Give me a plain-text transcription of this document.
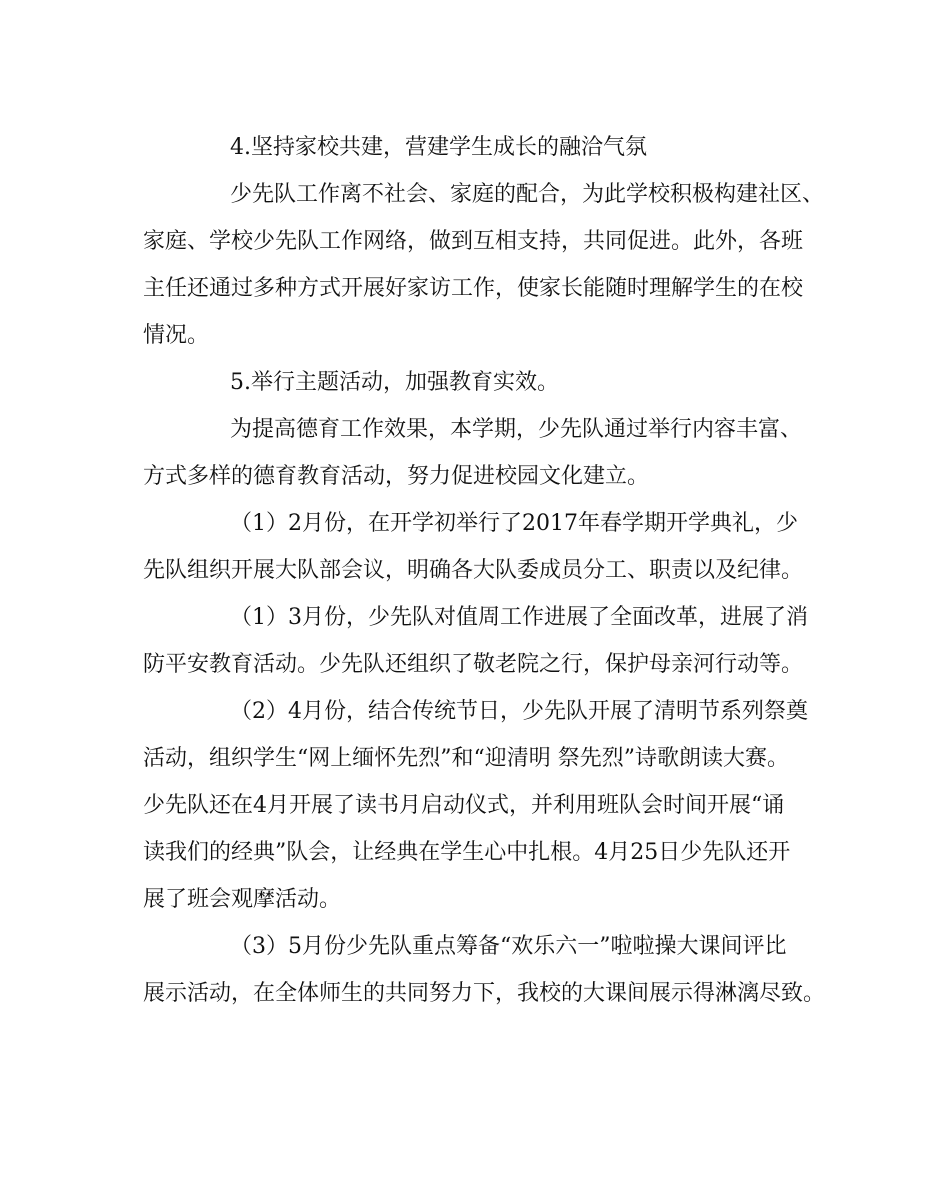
4.坚持家校共建，营建学生成长的融洽气氛
少先队工作离不社会、家庭的配合，为此学校积极构建社区、
家庭、学校少先队工作网络，做到互相支持，共同促进。此外，各班
主任还通过多种方式开展好家访工作，使家长能随时理解学生的在校
情况。
5.举行主题活动，加强教育实效。
为提高德育工作效果，本学期，少先队通过举行内容丰富、
方式多样的德育教育活动，努力促进校园文化建立。
（1）2月份，在开学初举行了2017年春学期开学典礼，少
先队组织开展大队部会议，明确各大队委成员分工、职责以及纪律。
（1）3月份，少先队对值周工作进展了全面改革，进展了消
防平安教育活动。少先队还组织了敬老院之行，保护母亲河行动等。
（2）4月份，结合传统节日，少先队开展了清明节系列祭奠
活动，组织学生“网上缅怀先烈”和“迎清明 祭先烈”诗歌朗读大赛。
少先队还在4月开展了读书月启动仪式，并利用班队会时间开展“诵
读我们的经典”队会，让经典在学生心中扎根。4月25日少先队还开
展了班会观摩活动。
（3）5月份少先队重点筹备“欢乐六一”啦啦操大课间评比
展示活动，在全体师生的共同努力下，我校的大课间展示得淋漓尽致。
